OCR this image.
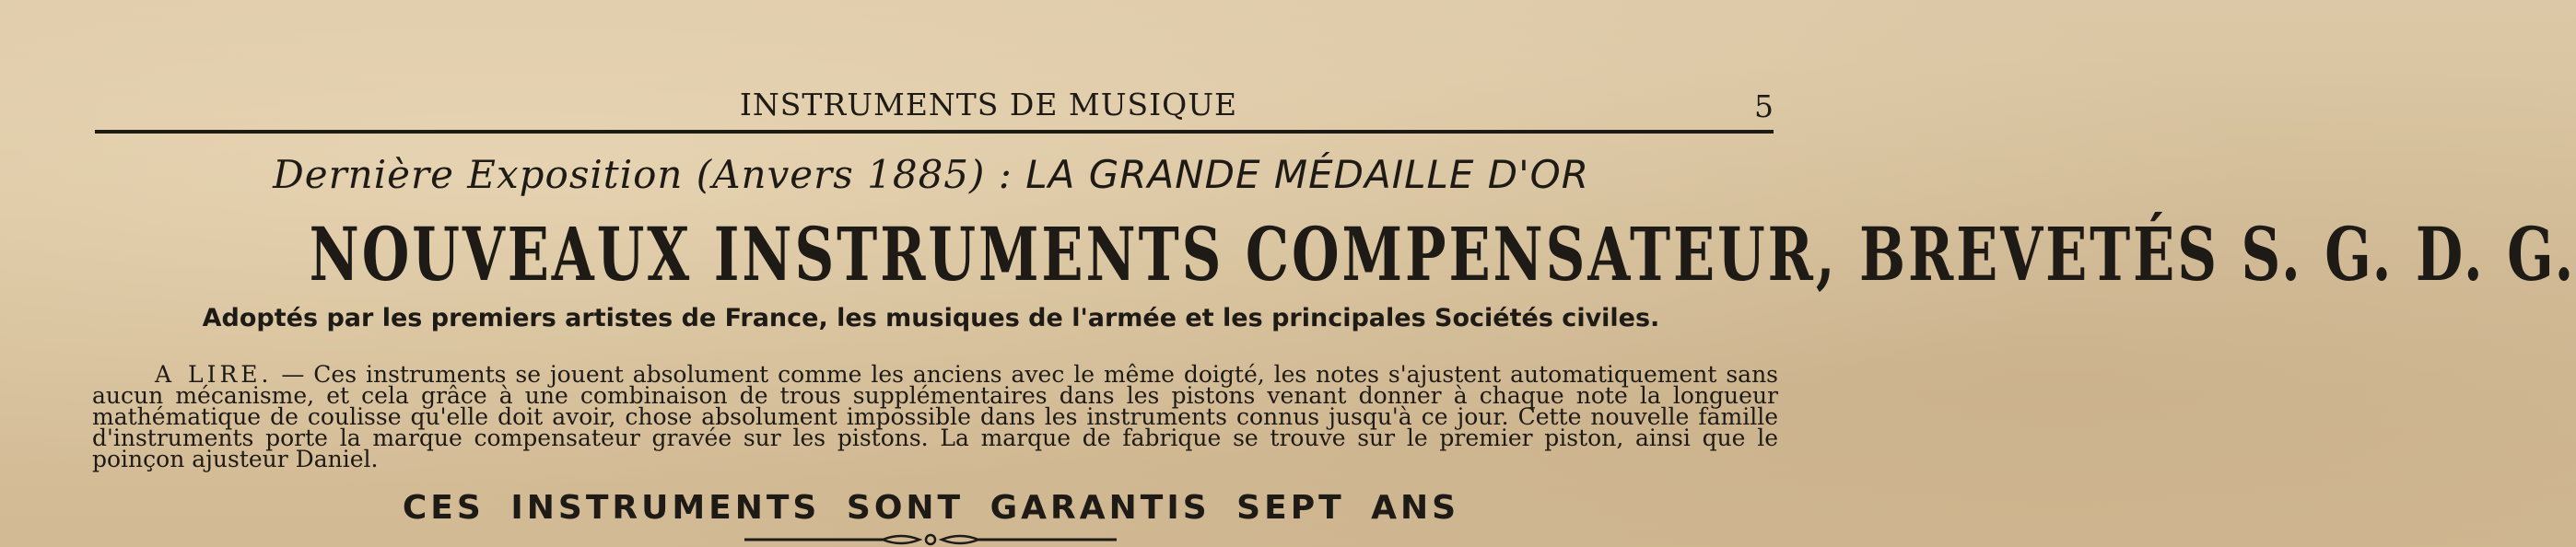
INSTRUMENTS DE MUSIQUE	5
Dernière Exposition (Anvers 1885) : LA GRANDE MÉDAILLE D'OR
NOUVEAUX INSTRUMENTS COMPENSATEUR, BREVETÉS S. G. D. G.
Adoptés par les premiers artistes de France, les musiques de l'armée et les principales Sociétés civiles.

A LIRE. — Ces instruments se jouent absolument comme les anciens avec le même doigté, les notes s'ajustent automatiquement sans aucun mécanisme, et cela grâce à une combinaison de trous supplémentaires dans les pistons venant donner à chaque note la longueur mathématique de coulisse qu'elle doit avoir, chose absolument impossible dans les instruments connus jusqu'à ce jour. Cette nouvelle famille d'instruments porte la marque compensateur gravée sur les pistons. La marque de fabrique se trouve sur le premier piston, ainsi que le poinçon ajusteur Daniel.

CES INSTRUMENTS SONT GARANTIS SEPT ANS
